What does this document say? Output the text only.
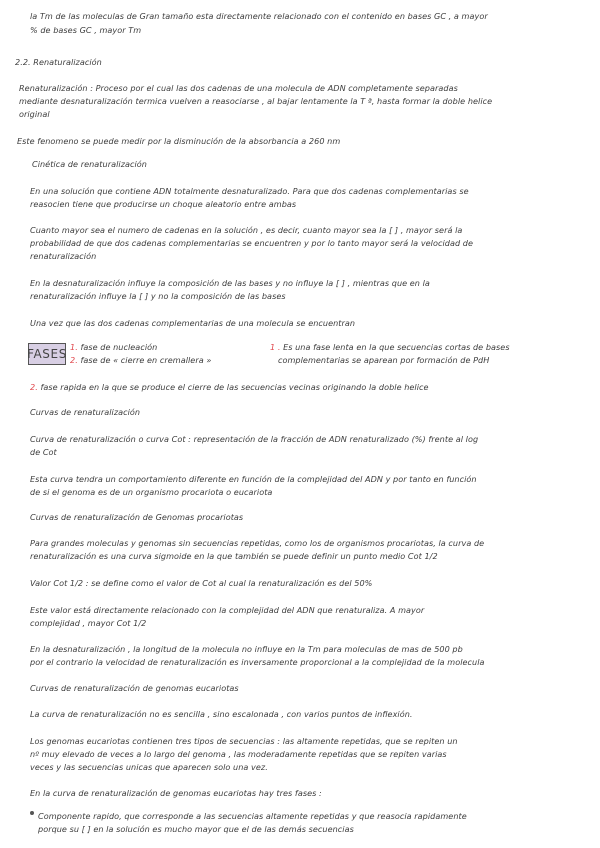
la Tm de las moleculas de Gran tamaño esta directamente relacionado con el contenido en bases GC , a mayor
% de bases GC , mayor Tm
2.2. Renaturalización
Renaturalización : Proceso por el cual las dos cadenas de una molecula de ADN completamente separadas
mediante desnaturalización termica vuelven a reasociarse , al bajar lentamente la T ª, hasta formar la doble helice
original
Este fenomeno se puede medir por la disminución de la absorbancia a 260 nm
Cinética de renaturalización
En una solución que contiene ADN totalmente desnaturalizado. Para que dos cadenas complementarias se
reasocien tiene que producirse un choque aleatorio entre ambas
Cuanto mayor sea el numero de cadenas en la solución , es decir, cuanto mayor sea la [ ] , mayor será la
probabilidad de que dos cadenas complementarias se encuentren y por lo tanto mayor será la velocidad de
renaturalización
En la desnaturalización influye la composición de las bases y no influye la [ ] , mientras que en la
renaturalización influye la [ ] y no la composición de las bases
Una vez que las dos cadenas complementarias de una molecula se encuentran
1. fase de nucleación
2. fase de « cierre en cremallera »
1 . Es una fase lenta en la que secuencias cortas de bases
complementarias se aparean por formación de PdH
2. fase rapida en la que se produce el cierre de las secuencias vecinas originando la doble helice
Curvas de renaturalización
Curva de renaturalización o curva Cot : representación de la fracción de ADN renaturalizado (%) frente al log
de Cot
Esta curva tendra un comportamiento diferente en función de la complejidad del ADN y por tanto en función
de si el genoma es de un organismo procariota o eucariota
Curvas de renaturalización de Genomas procariotas
Para grandes moleculas y genomas sin secuencias repetidas, como los de organismos procariotas, la curva de
renaturalización es una curva sigmoide en la que también se puede definir un punto medio Cot 1/2
Valor Cot 1/2 : se define como el valor de Cot al cual la renaturalización es del 50%
Este valor está directamente relacionado con la complejidad del ADN que renaturaliza. A mayor
complejidad , mayor Cot 1/2
En la desnaturalización , la longitud de la molecula no influye en la Tm para moleculas de mas de 500 pb
por el contrario la velocidad de renaturalización es inversamente proporcional a la complejidad de la molecula
Curvas de renaturalización de genomas eucariotas
La curva de renaturalización no es sencilla , sino escalonada , con varios puntos de inflexión.
Los genomas eucariotas contienen tres tipos de secuencias : las altamente repetidas, que se repiten un
nº muy elevado de veces a lo largo del genoma , las moderadamente repetidas que se repiten varias
veces y las secuencias unicas que aparecen solo una vez.
En la curva de renaturalización de genomas eucariotas hay tres fases :
Componente rapido, que corresponde a las secuencias altamente repetidas y que reasocia rapidamente
porque su [ ] en la solución es mucho mayor que el de las demás secuencias
FASES
